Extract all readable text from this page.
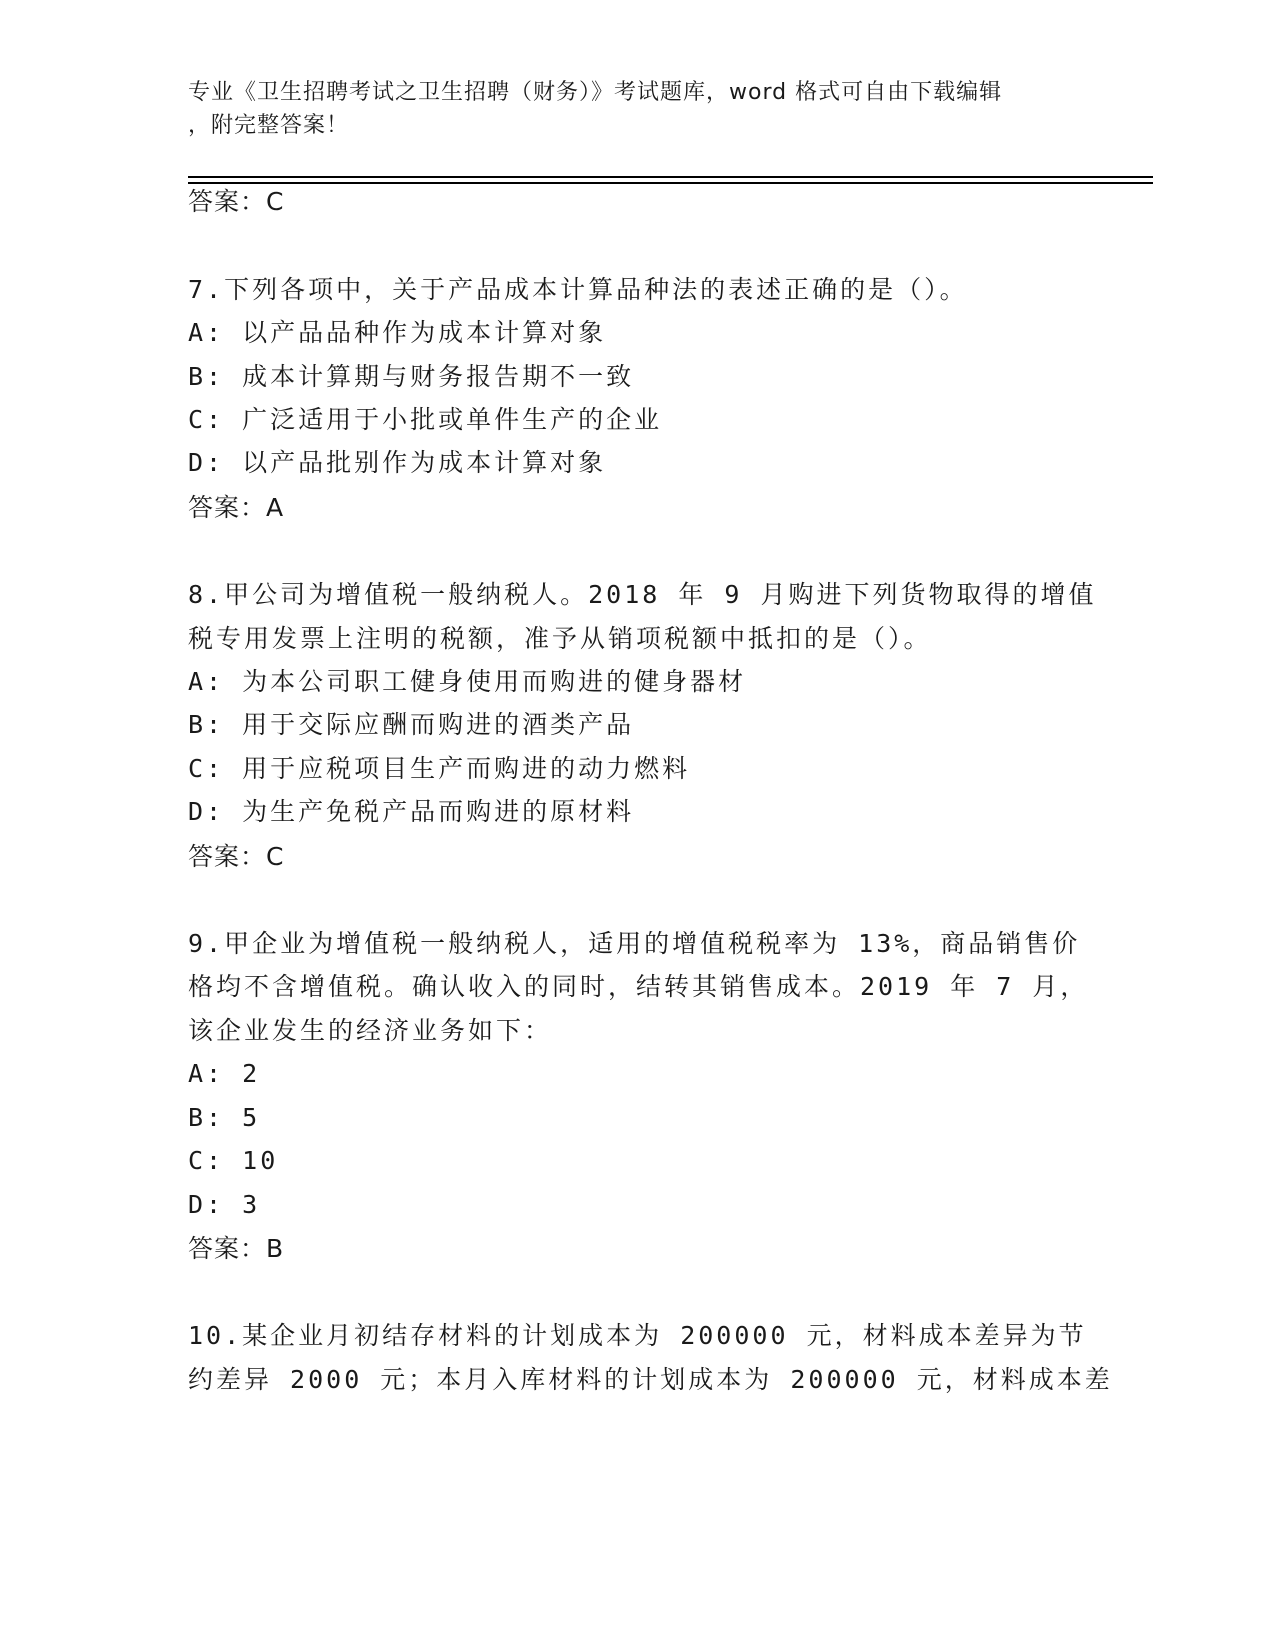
专业《卫生招聘考试之卫生招聘（财务）》考试题库，word 格式可自由下载编辑
，附完整答案！
答案：C
7.下列各项中，关于产品成本计算品种法的表述正确的是（）。
A: 以产品品种作为成本计算对象
B: 成本计算期与财务报告期不一致
C: 广泛适用于小批或单件生产的企业
D: 以产品批别作为成本计算对象
答案：A
8.甲公司为增值税一般纳税人。2018 年 9 月购进下列货物取得的增值
税专用发票上注明的税额，准予从销项税额中抵扣的是（）。
A: 为本公司职工健身使用而购进的健身器材
B: 用于交际应酬而购进的酒类产品
C: 用于应税项目生产而购进的动力燃料
D: 为生产免税产品而购进的原材料
答案：C
9.甲企业为增值税一般纳税人，适用的增值税税率为 13%，商品销售价
格均不含增值税。确认收入的同时，结转其销售成本。2019 年 7 月，
该企业发生的经济业务如下：
A: 2
B: 5
C: 10
D: 3
答案：B
10.某企业月初结存材料的计划成本为 200000 元，材料成本差异为节
约差异 2000 元；本月入库材料的计划成本为 200000 元，材料成本差
